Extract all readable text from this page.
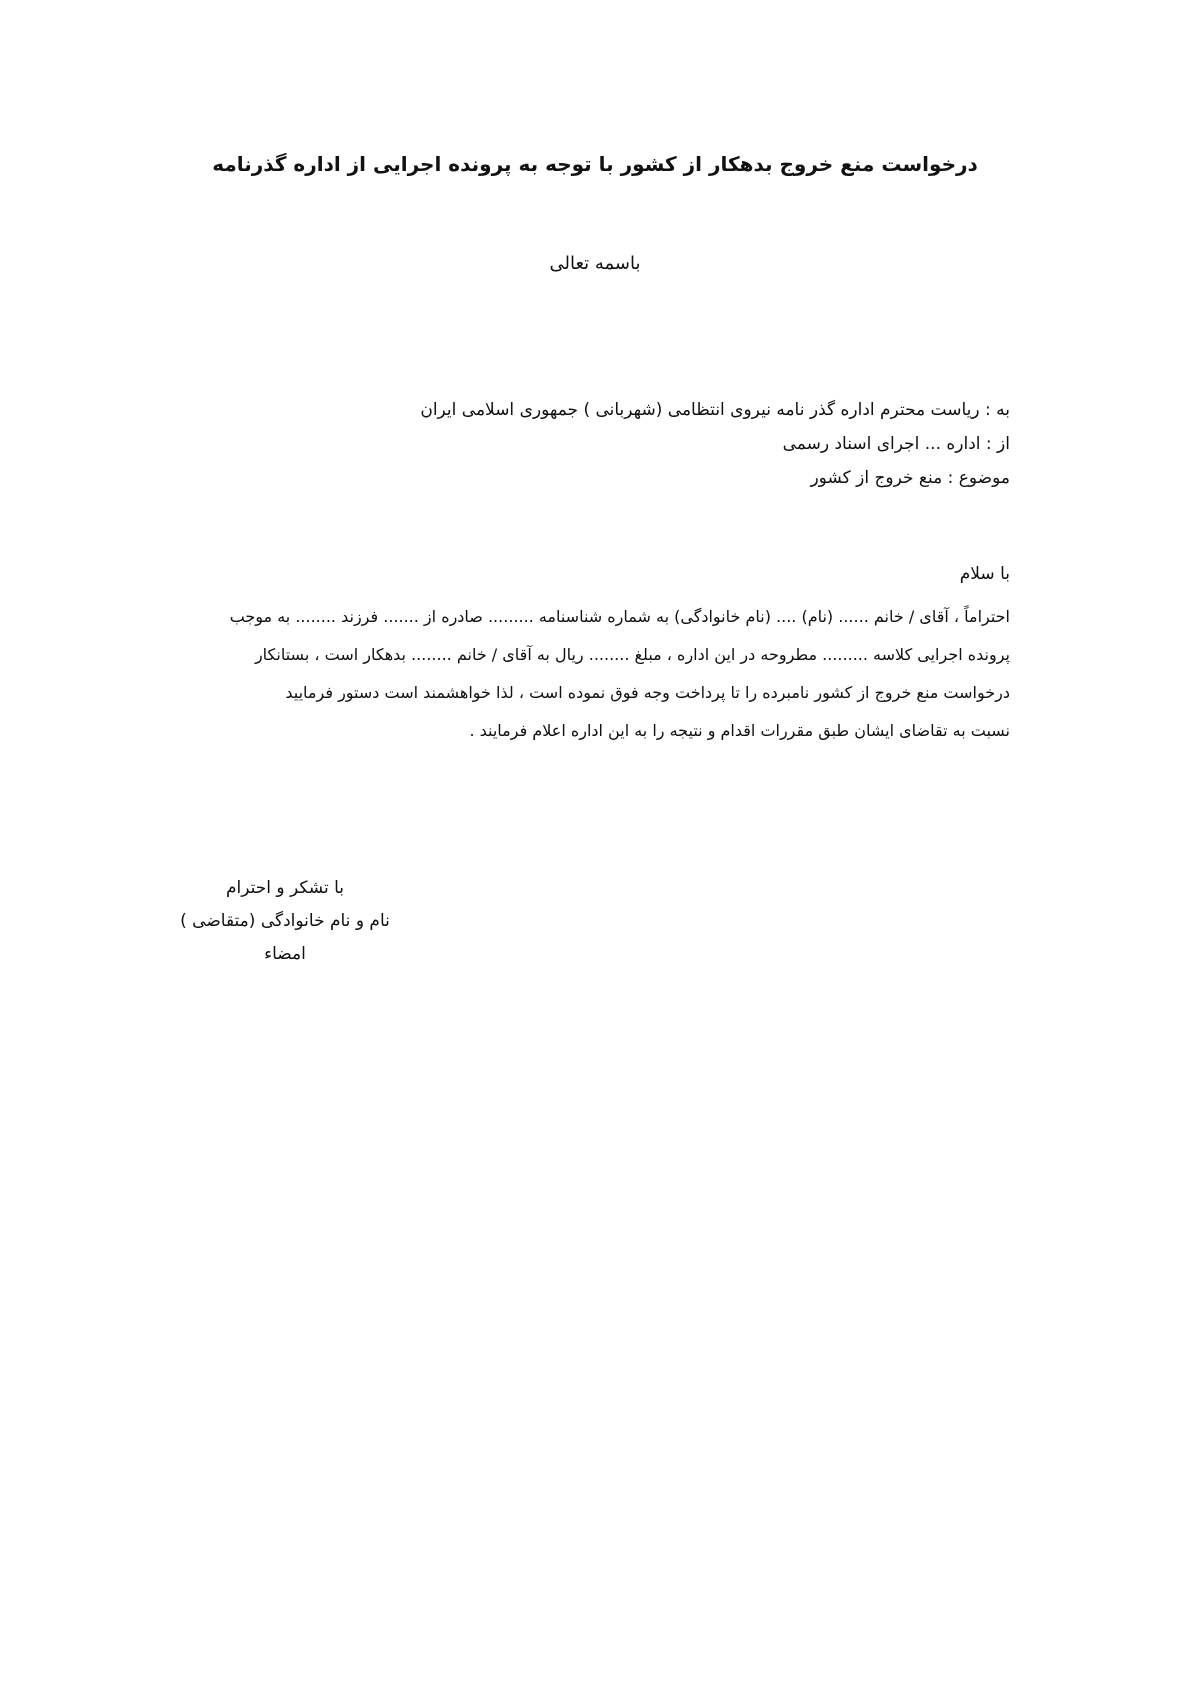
درخواست منع خروج بدهکار از کشور با توجه به پرونده اجرایی از اداره گذرنامه
باسمه تعالی
به : ریاست محترم اداره گذر نامه نیروی انتظامی (شهربانی ) جمهوری اسلامی ایران
از : اداره ... اجرای اسناد رسمی
موضوع : منع خروج از کشور
با سلام
احتراماً ، آقای / خانم ...... (نام) .... (نام خانوادگی) به شماره شناسنامه ......... صادره از ....... فرزند ........ به موجب
پرونده اجرایی کلاسه ......... مطروحه در این اداره ، مبلغ ........ ریال به آقای / خانم ........ بدهکار است ، بستانکار
درخواست منع خروج از کشور نامبرده را تا پرداخت وجه فوق نموده است ، لذا خواهشمند است دستور فرمایید
نسبت به تقاضای ایشان طبق مقررات اقدام و نتیجه را به این اداره اعلام فرمایند .
با تشکر و احترام
نام و نام خانوادگی (متقاضی )
امضاء
